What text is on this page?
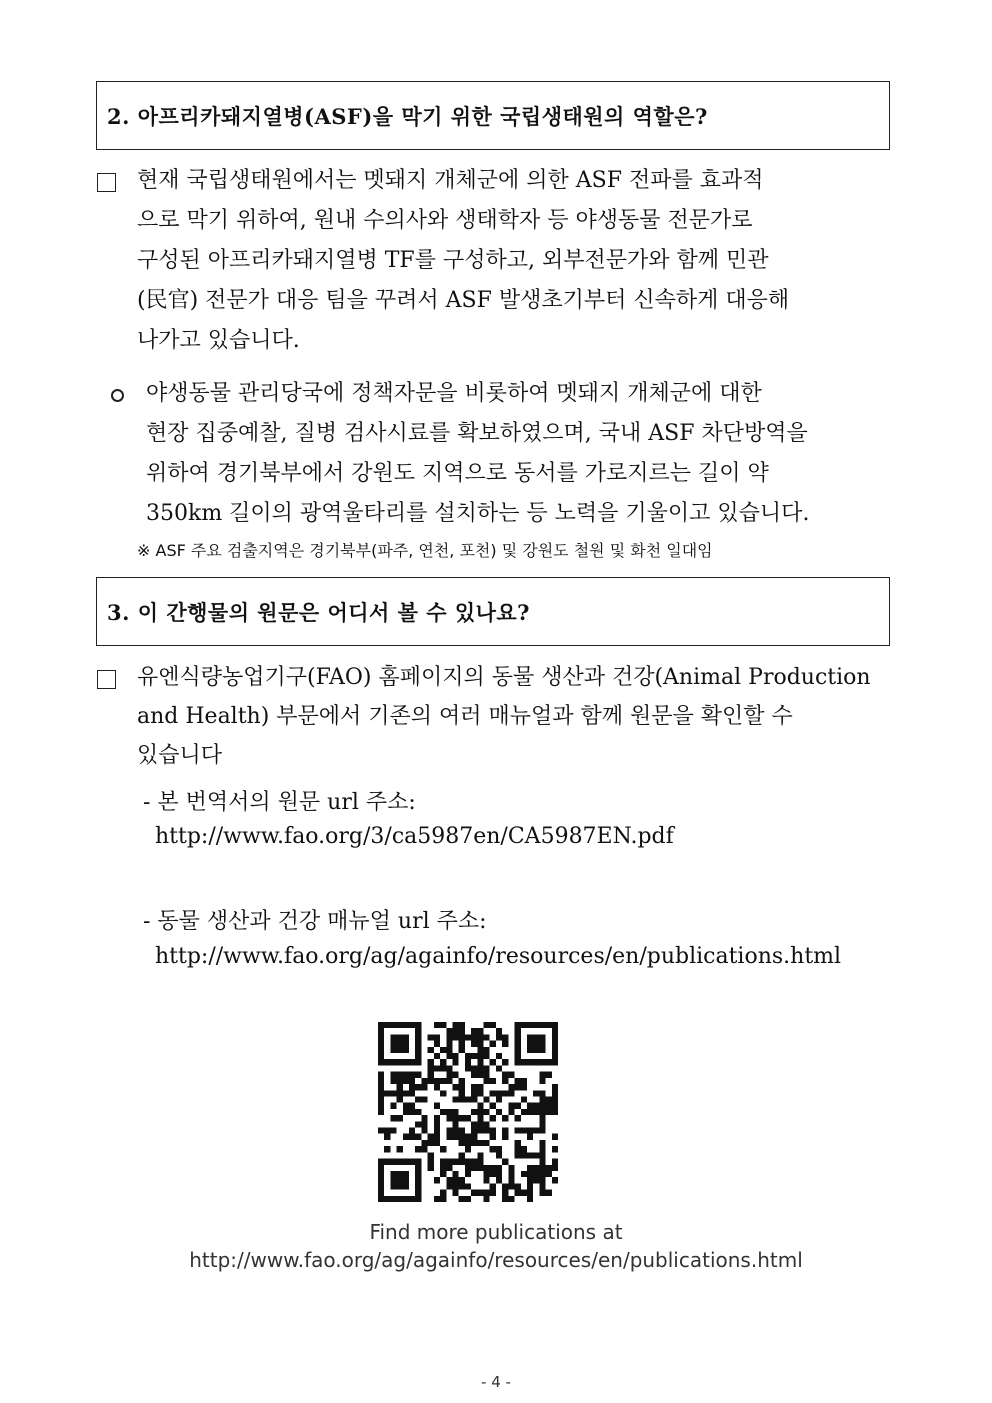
2. 아프리카돼지열병(ASF)을 막기 위한 국립생태원의 역할은?
현재 국립생태원에서는 멧돼지 개체군에 의한 ASF 전파를 효과적
으로 막기 위하여, 원내 수의사와 생태학자 등 야생동물 전문가로
구성된 아프리카돼지열병 TF를 구성하고, 외부전문가와 함께 민관
(民官) 전문가 대응 팀을 꾸려서 ASF 발생초기부터 신속하게 대응해
나가고 있습니다.
야생동물 관리당국에 정책자문을 비롯하여 멧돼지 개체군에 대한
현장 집중예찰, 질병 검사시료를 확보하였으며, 국내 ASF 차단방역을
위하여 경기북부에서 강원도 지역으로 동서를 가로지르는 길이 약
350km 길이의 광역울타리를 설치하는 등 노력을 기울이고 있습니다.
※ ASF 주요 검출지역은 경기북부(파주, 연천, 포천) 및 강원도 철원 및 화천 일대임
3. 이 간행물의 원문은 어디서 볼 수 있나요?
유엔식량농업기구(FAO) 홈페이지의 동물 생산과 건강(Animal Production
and Health) 부문에서 기존의 여러 매뉴얼과 함께 원문을 확인할 수
있습니다
- 본 번역서의 원문 url 주소:
http://www.fao.org/3/ca5987en/CA5987EN.pdf
- 동물 생산과 건강 매뉴얼 url 주소:
http://www.fao.org/ag/againfo/resources/en/publications.html
Find more publications at
http://www.fao.org/ag/againfo/resources/en/publications.html
- 4 -
